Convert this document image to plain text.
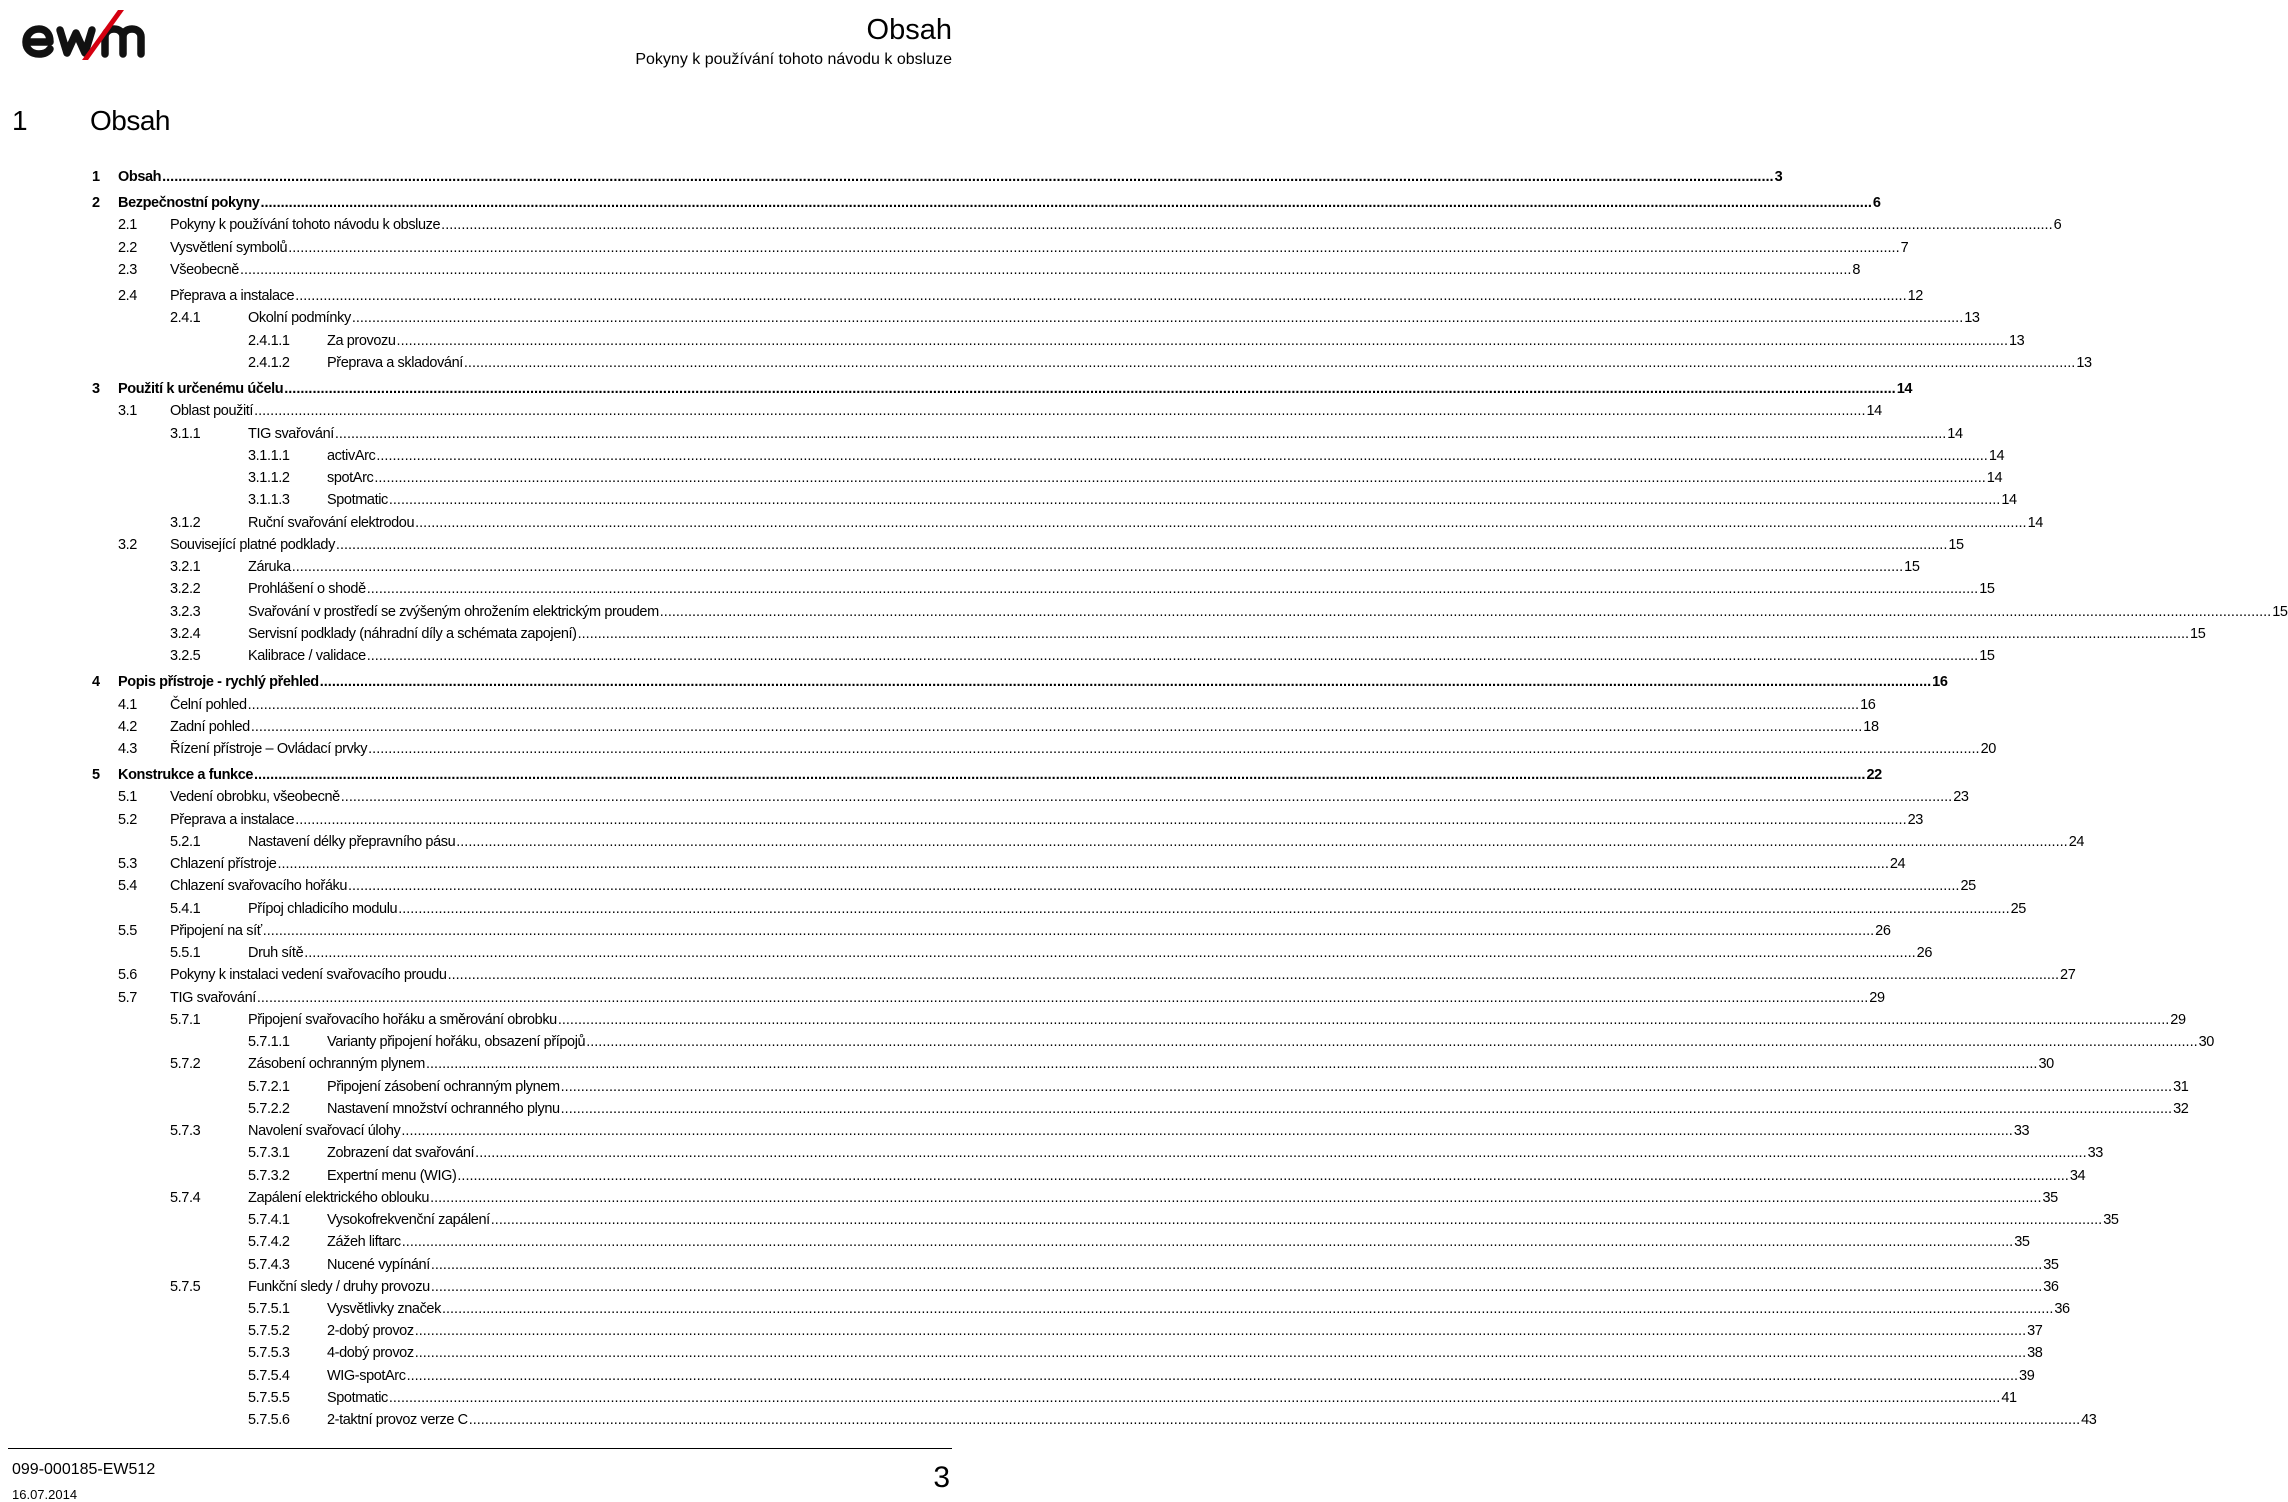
Obsah
Pokyny k používání tohoto návodu k obsluze
1 Obsah
1 Obsah ................................................................................................................................................................................................................................................................................................................................................................................................................ 3
2 Bezpečnostní pokyny ................................................................................................................................................................................................................................................................................................................................................................................................................ 6
2.1 Pokyny k používání tohoto návodu k obsluze ................................................................................................................................................................................................................................................................................................................................................................................................................ 6
2.2 Vysvětlení symbolů ................................................................................................................................................................................................................................................................................................................................................................................................................ 7
2.3 Všeobecně ................................................................................................................................................................................................................................................................................................................................................................................................................ 8
2.4 Přeprava a instalace ................................................................................................................................................................................................................................................................................................................................................................................................................ 12
2.4.1	Okolní podmínky ................................................................................................................................................................................................................................................................................................................................................................................................................ 13
2.4.1.1	Za provozu ................................................................................................................................................................................................................................................................................................................................................................................................................ 13
2.4.1.2	Přeprava a skladování ................................................................................................................................................................................................................................................................................................................................................................................................................ 13
3 Použití k určenému účelu ................................................................................................................................................................................................................................................................................................................................................................................................................ 14
3.1 Oblast použití ................................................................................................................................................................................................................................................................................................................................................................................................................ 14
3.1.1	TIG svařování ................................................................................................................................................................................................................................................................................................................................................................................................................ 14
3.1.1.1	activArc ................................................................................................................................................................................................................................................................................................................................................................................................................ 14
3.1.1.2	spotArc ................................................................................................................................................................................................................................................................................................................................................................................................................ 14
3.1.1.3	Spotmatic ................................................................................................................................................................................................................................................................................................................................................................................................................ 14
3.1.2	Ruční svařování elektrodou ................................................................................................................................................................................................................................................................................................................................................................................................................ 14
3.2 Související platné podklady ................................................................................................................................................................................................................................................................................................................................................................................................................ 15
3.2.1	Záruka ................................................................................................................................................................................................................................................................................................................................................................................................................ 15
3.2.2	Prohlášení o shodě ................................................................................................................................................................................................................................................................................................................................................................................................................ 15
3.2.3	Svařování v prostředí se zvýšeným ohrožením elektrickým proudem ................................................................................................................................................................................................................................................................................................................................................................................................................ 15
3.2.4	Servisní podklady (náhradní díly a schémata zapojení) ................................................................................................................................................................................................................................................................................................................................................................................................................ 15
3.2.5	Kalibrace / validace ................................................................................................................................................................................................................................................................................................................................................................................................................ 15
4 Popis přístroje - rychlý přehled ................................................................................................................................................................................................................................................................................................................................................................................................................ 16
4.1 Čelní pohled ................................................................................................................................................................................................................................................................................................................................................................................................................ 16
4.2 Zadní pohled ................................................................................................................................................................................................................................................................................................................................................................................................................ 18
4.3 Řízení přístroje – Ovládací prvky ................................................................................................................................................................................................................................................................................................................................................................................................................ 20
5 Konstrukce a funkce ................................................................................................................................................................................................................................................................................................................................................................................................................ 22
5.1 Vedení obrobku, všeobecně ................................................................................................................................................................................................................................................................................................................................................................................................................ 23
5.2 Přeprava a instalace ................................................................................................................................................................................................................................................................................................................................................................................................................ 23
5.2.1	Nastavení délky přepravního pásu ................................................................................................................................................................................................................................................................................................................................................................................................................ 24
5.3 Chlazení přístroje ................................................................................................................................................................................................................................................................................................................................................................................................................ 24
5.4 Chlazení svařovacího hořáku ................................................................................................................................................................................................................................................................................................................................................................................................................ 25
5.4.1	Přípoj chladicího modulu ................................................................................................................................................................................................................................................................................................................................................................................................................ 25
5.5 Připojení na síť ................................................................................................................................................................................................................................................................................................................................................................................................................ 26
5.5.1	Druh sítě ................................................................................................................................................................................................................................................................................................................................................................................................................ 26
5.6 Pokyny k instalaci vedení svařovacího proudu ................................................................................................................................................................................................................................................................................................................................................................................................................ 27
5.7 TIG svařování ................................................................................................................................................................................................................................................................................................................................................................................................................ 29
5.7.1	Připojení svařovacího hořáku a směrování obrobku ................................................................................................................................................................................................................................................................................................................................................................................................................ 29
5.7.1.1	Varianty připojení hořáku, obsazení přípojů ................................................................................................................................................................................................................................................................................................................................................................................................................ 30
5.7.2	Zásobení ochranným plynem ................................................................................................................................................................................................................................................................................................................................................................................................................ 30
5.7.2.1	Připojení zásobení ochranným plynem ................................................................................................................................................................................................................................................................................................................................................................................................................ 31
5.7.2.2	Nastavení množství ochranného plynu ................................................................................................................................................................................................................................................................................................................................................................................................................ 32
5.7.3	Navolení svařovací úlohy ................................................................................................................................................................................................................................................................................................................................................................................................................ 33
5.7.3.1	Zobrazení dat svařování ................................................................................................................................................................................................................................................................................................................................................................................................................ 33
5.7.3.2	Expertní menu (WIG) ................................................................................................................................................................................................................................................................................................................................................................................................................ 34
5.7.4	Zapálení elektrického oblouku ................................................................................................................................................................................................................................................................................................................................................................................................................ 35
5.7.4.1	Vysokofrekvenční zapálení ................................................................................................................................................................................................................................................................................................................................................................................................................ 35
5.7.4.2	Zážeh liftarc ................................................................................................................................................................................................................................................................................................................................................................................................................ 35
5.7.4.3	Nucené vypínání ................................................................................................................................................................................................................................................................................................................................................................................................................ 35
5.7.5	Funkční sledy / druhy provozu ................................................................................................................................................................................................................................................................................................................................................................................................................ 36
5.7.5.1	Vysvětlivky značek ................................................................................................................................................................................................................................................................................................................................................................................................................ 36
5.7.5.2	2-dobý provoz ................................................................................................................................................................................................................................................................................................................................................................................................................ 37
5.7.5.3	4-dobý provoz ................................................................................................................................................................................................................................................................................................................................................................................................................ 38
5.7.5.4	WIG-spotArc ................................................................................................................................................................................................................................................................................................................................................................................................................ 39
5.7.5.5	Spotmatic ................................................................................................................................................................................................................................................................................................................................................................................................................ 41
5.7.5.6	2-taktní provoz verze C ................................................................................................................................................................................................................................................................................................................................................................................................................ 43
099-000185-EW512
16.07.2014
3
